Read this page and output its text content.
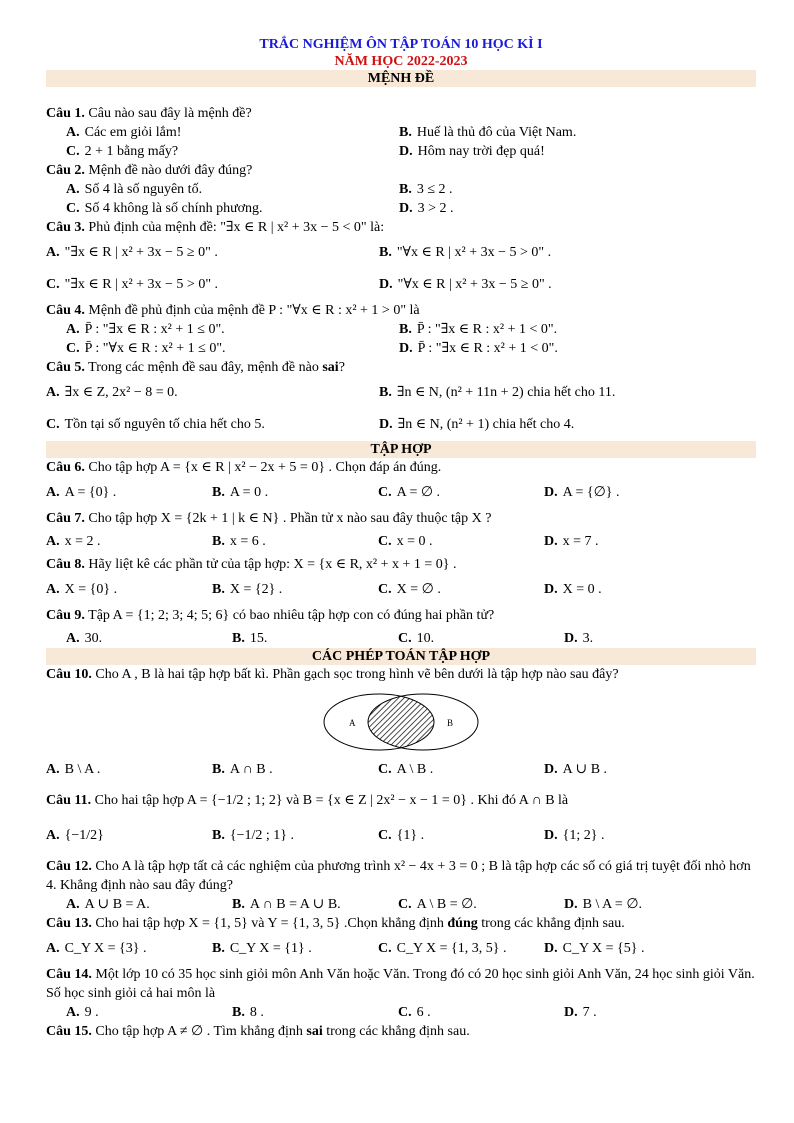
TRẮC NGHIỆM ÔN TẬP TOÁN 10 HỌC KÌ I
NĂM HỌC 2022-2023
MỆNH ĐỀ
Câu 1. Câu nào sau đây là mệnh đề?
A. Các em giỏi lắm!	B. Huế là thủ đô của Việt Nam.
C. 2 + 1 bằng mấy?	D. Hôm nay trời đẹp quá!
Câu 2. Mệnh đề nào dưới đây đúng?
A. Số 4 là số nguyên tố.	B. 3 ≤ 2 .
C. Số 4 không là số chính phương.	D. 3 > 2 .
Câu 3. Phủ định của mệnh đề: "∃x ∈ R | x² + 3x − 5 < 0" là:
A. "∃x ∈ R | x² + 3x − 5 ≥ 0" .	B. "∀x ∈ R | x² + 3x − 5 > 0" .
C. "∃x ∈ R | x² + 3x − 5 > 0" .	D. "∀x ∈ R | x² + 3x − 5 ≥ 0" .
Câu 4. Mệnh đề phủ định của mệnh đề P : "∀x ∈ R : x² + 1 > 0" là
A. P̄ : "∃x ∈ R : x² + 1 ≤ 0".	B. P̄ : "∃x ∈ R : x² + 1 < 0".
C. P̄ : "∀x ∈ R : x² + 1 ≤ 0".	D. P̄ : "∃x ∈ R : x² + 1 < 0".
Câu 5. Trong các mệnh đề sau đây, mệnh đề nào sai?
A. ∃x ∈ Z, 2x² − 8 = 0.	B. ∃n ∈ N, (n² + 11n + 2) chia hết cho 11.
C. Tồn tại số nguyên tố chia hết cho 5.	D. ∃n ∈ N, (n² + 1) chia hết cho 4.
TẬP HỢP
Câu 6. Cho tập hợp A = {x ∈ R | x² − 2x + 5 = 0} . Chọn đáp án đúng.
A. A = {0} .	B. A = 0 .	C. A = ∅ .	D. A = {∅} .
Câu 7. Cho tập hợp X = {2k + 1 | k ∈ N} . Phần tử x nào sau đây thuộc tập X ?
A. x = 2 .	B. x = 6 .	C. x = 0 .	D. x = 7 .
Câu 8. Hãy liệt kê các phần tử của tập hợp: X = {x ∈ R, x² + x + 1 = 0} .
A. X = {0} .	B. X = {2} .	C. X = ∅ .	D. X = 0 .
Câu 9. Tập A = {1; 2; 3; 4; 5; 6} có bao nhiêu tập hợp con có đúng hai phần tử?
A. 30.	B. 15.	C. 10.	D. 3.
CÁC PHÉP TOÁN TẬP HỢP
Câu 10. Cho A , B là hai tập hợp bất kì. Phần gạch sọc trong hình vẽ bên dưới là tập hợp nào sau đây?
A	B
A. B \ A .	B. A ∩ B .	C. A \ B .	D. A ∪ B .
Câu 11. Cho hai tập hợp A = {−1/2 ; 1; 2} và B = {x ∈ Z | 2x² − x − 1 = 0} . Khi đó A ∩ B là
A. {−1/2}	B. {−1/2 ; 1} .	C. {1} .	D. {1; 2} .
Câu 12. Cho A là tập hợp tất cả các nghiệm của phương trình x² − 4x + 3 = 0 ; B là tập hợp các số có giá trị tuyệt đối nhỏ hơn 4. Khẳng định nào sau đây đúng?
A. A ∪ B = A.	B. A ∩ B = A ∪ B.	C. A \ B = ∅.	D. B \ A = ∅.
Câu 13. Cho hai tập hợp X = {1, 5} và Y = {1, 3, 5} .Chọn khẳng định đúng trong các khẳng định sau.
A. C_Y X = {3} .	B. C_Y X = {1} .	C. C_Y X = {1, 3, 5} .	D. C_Y X = {5} .
Câu 14. Một lớp 10 có 35 học sinh giỏi môn Anh Văn hoặc Văn. Trong đó có 20 học sinh giỏi Anh Văn, 24 học sinh giỏi Văn. Số học sinh giỏi cả hai môn là
A. 9 .	B. 8 .	C. 6 .	D. 7 .
Câu 15. Cho tập hợp A ≠ ∅ . Tìm khẳng định sai trong các khẳng định sau.
